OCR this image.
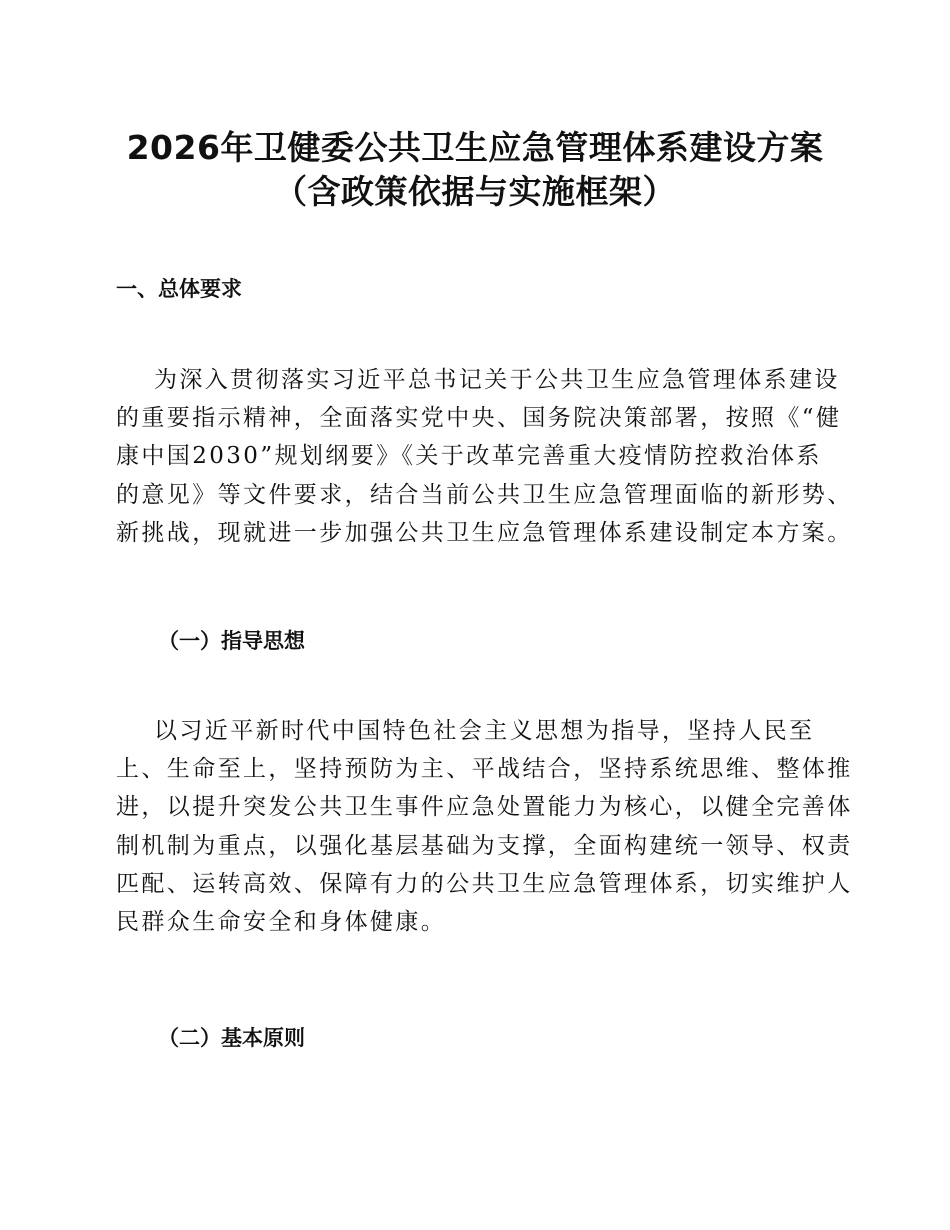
2026年卫健委公共卫生应急管理体系建设方案
（含政策依据与实施框架）
一、总体要求
为深入贯彻落实习近平总书记关于公共卫生应急管理体系建设
的重要指示精神，全面落实党中央、国务院决策部署，按照《“健
康中国2030”规划纲要》《关于改革完善重大疫情防控救治体系
的意见》等文件要求，结合当前公共卫生应急管理面临的新形势、
新挑战，现就进一步加强公共卫生应急管理体系建设制定本方案。
（一）指导思想
以习近平新时代中国特色社会主义思想为指导，坚持人民至
上、生命至上，坚持预防为主、平战结合，坚持系统思维、整体推
进，以提升突发公共卫生事件应急处置能力为核心，以健全完善体
制机制为重点，以强化基层基础为支撑，全面构建统一领导、权责
匹配、运转高效、保障有力的公共卫生应急管理体系，切实维护人
民群众生命安全和身体健康。
（二）基本原则
